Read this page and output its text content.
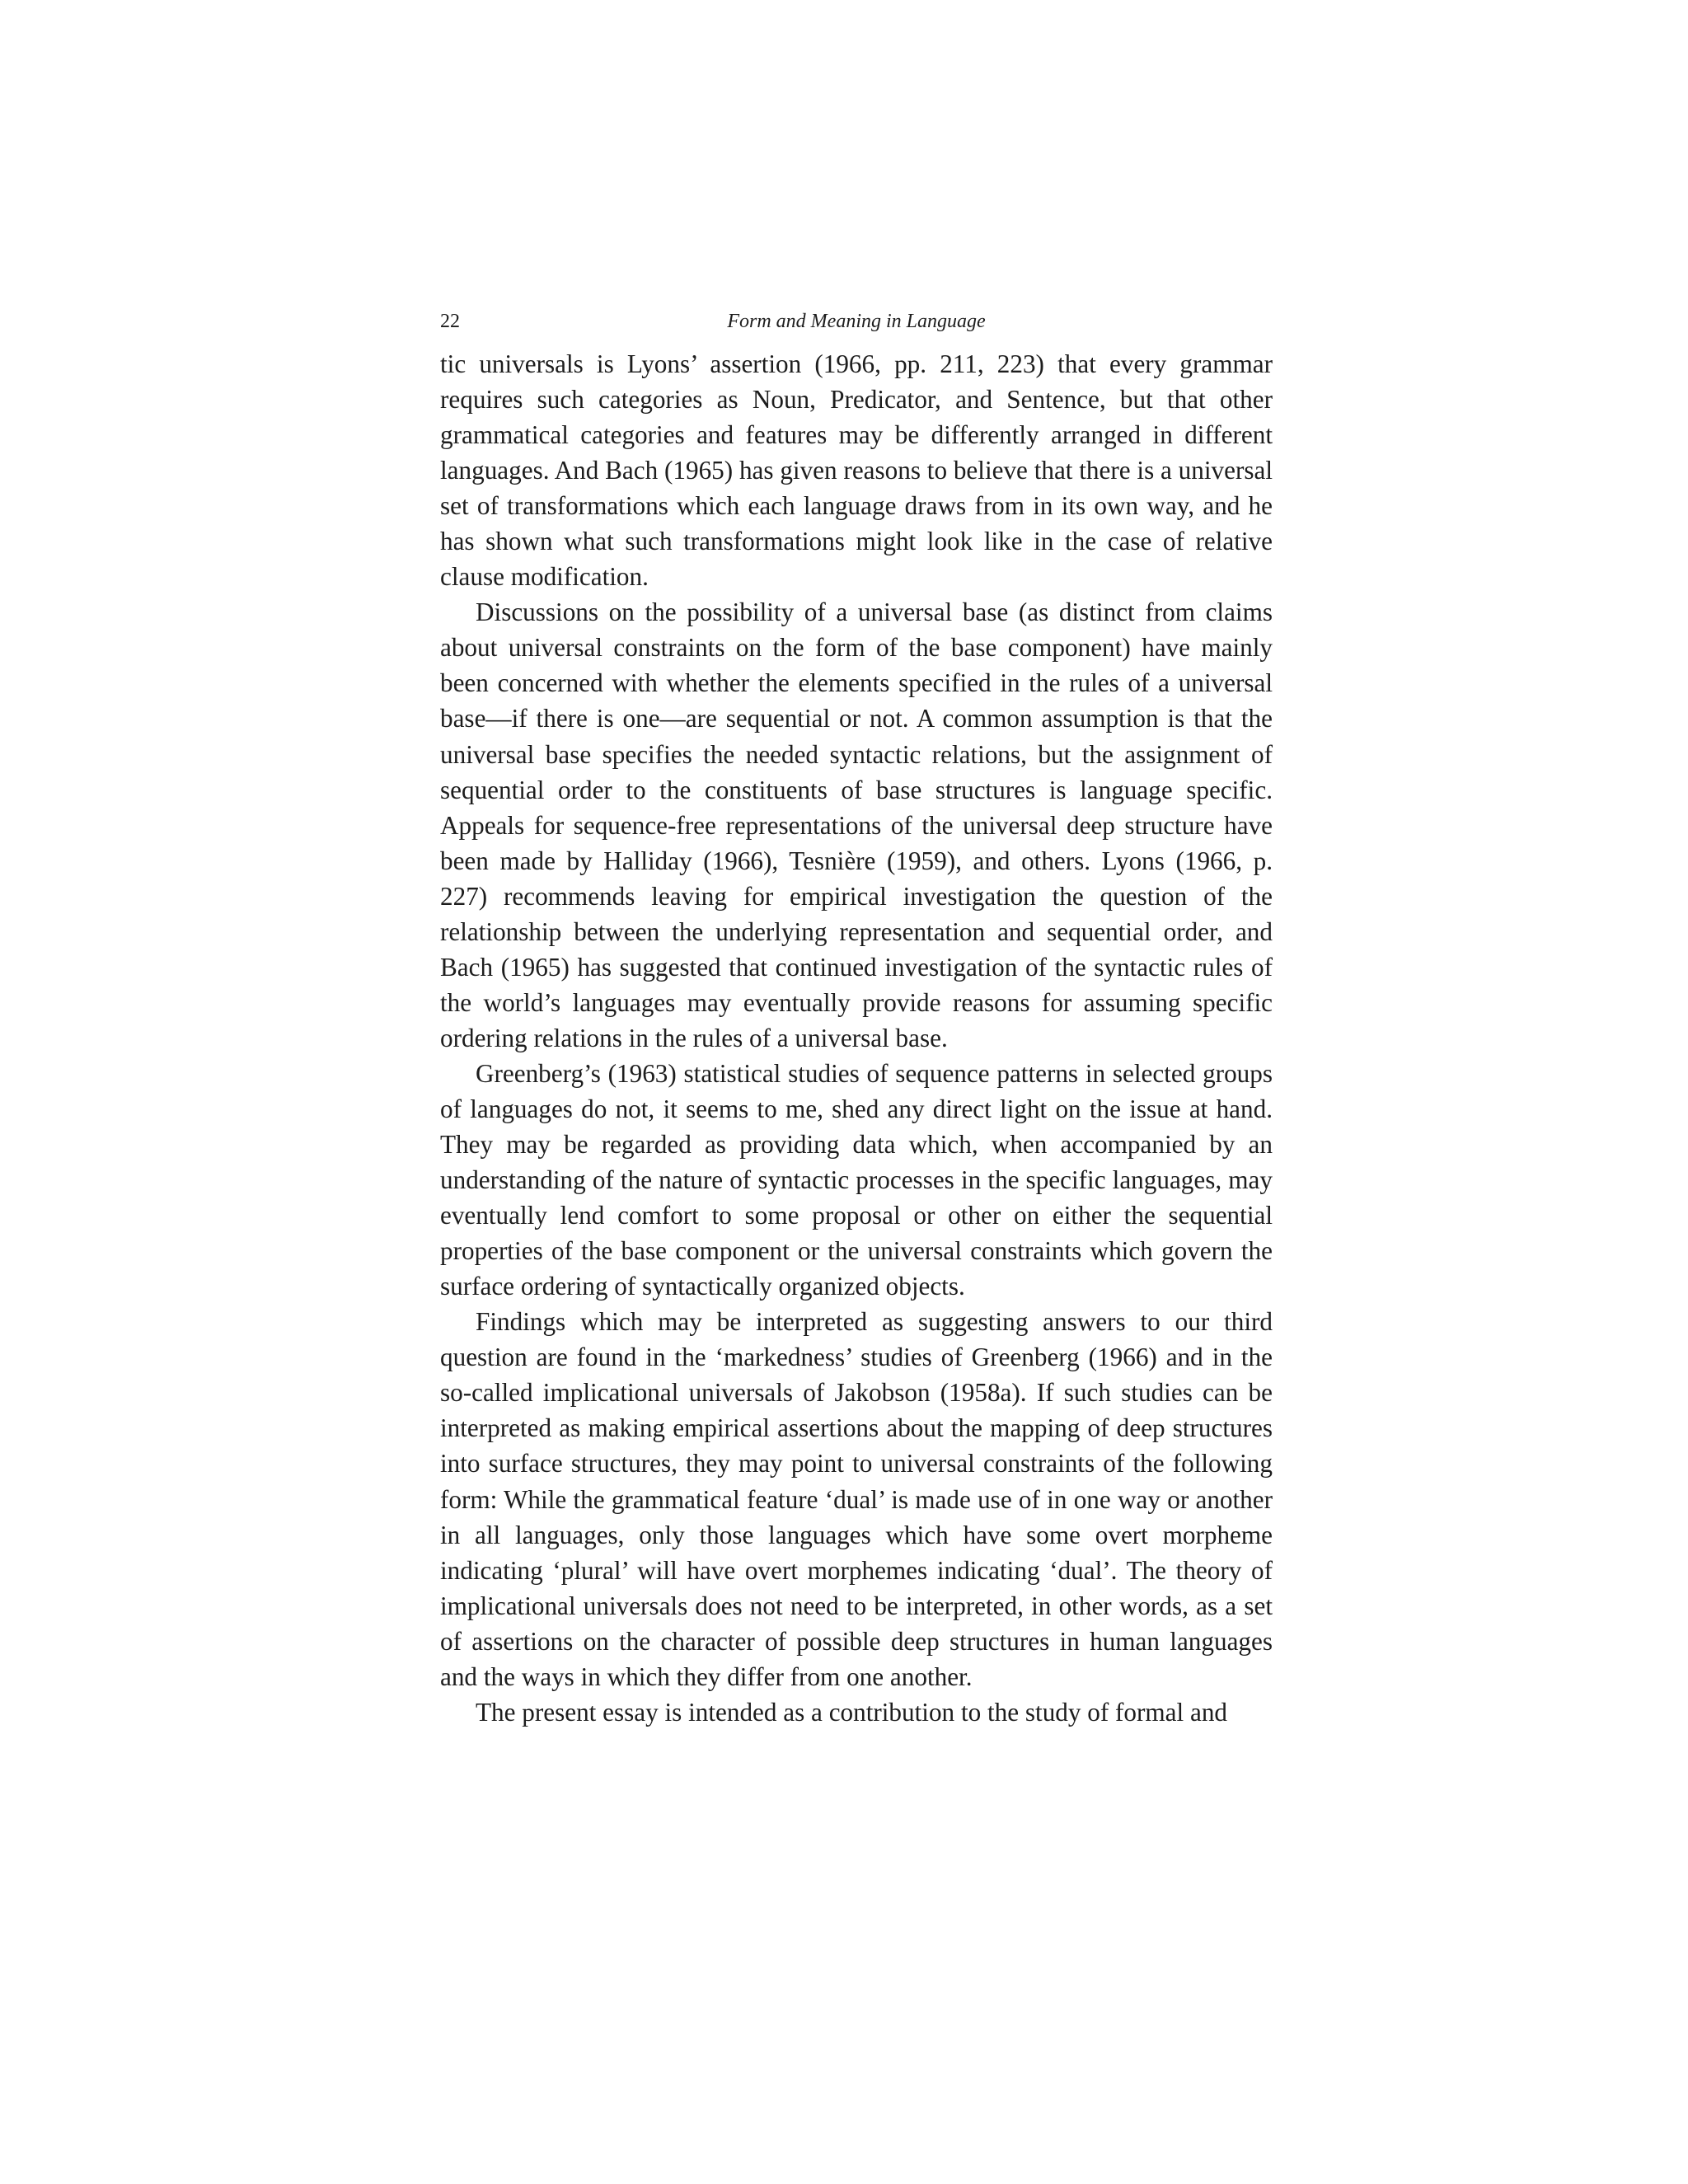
22	Form and Meaning in Language

tic universals is Lyons’ assertion (1966, pp. 211, 223) that every grammar requires such categories as Noun, Predicator, and Sentence, but that other grammatical categories and features may be differently arranged in different languages. And Bach (1965) has given reasons to believe that there is a universal set of transformations which each language draws from in its own way, and he has shown what such transformations might look like in the case of relative clause modification.

Discussions on the possibility of a universal base (as distinct from claims about universal constraints on the form of the base component) have mainly been concerned with whether the elements specified in the rules of a universal base—if there is one—are sequential or not. A common assumption is that the universal base specifies the needed syntactic relations, but the assignment of sequential order to the constituents of base structures is language specific. Appeals for sequence-free representations of the universal deep structure have been made by Halliday (1966), Tesnière (1959), and others. Lyons (1966, p. 227) recommends leaving for empirical investigation the question of the relationship between the underlying representation and sequential order, and Bach (1965) has suggested that continued investigation of the syntactic rules of the world’s languages may eventually provide reasons for assuming specific ordering relations in the rules of a universal base.

Greenberg’s (1963) statistical studies of sequence patterns in selected groups of languages do not, it seems to me, shed any direct light on the issue at hand. They may be regarded as providing data which, when accompanied by an understanding of the nature of syntactic processes in the specific languages, may eventually lend comfort to some proposal or other on either the sequential properties of the base component or the universal constraints which govern the surface ordering of syntactically organized objects.

Findings which may be interpreted as suggesting answers to our third question are found in the ‘markedness’ studies of Greenberg (1966) and in the so-called implicational universals of Jakobson (1958a). If such studies can be interpreted as making empirical assertions about the mapping of deep structures into surface structures, they may point to universal constraints of the following form: While the grammatical feature ‘dual’ is made use of in one way or another in all languages, only those languages which have some overt morpheme indicating ‘plural’ will have overt morphemes indicating ‘dual’. The theory of implicational universals does not need to be interpreted, in other words, as a set of assertions on the character of possible deep structures in human languages and the ways in which they differ from one another.

The present essay is intended as a contribution to the study of formal and
